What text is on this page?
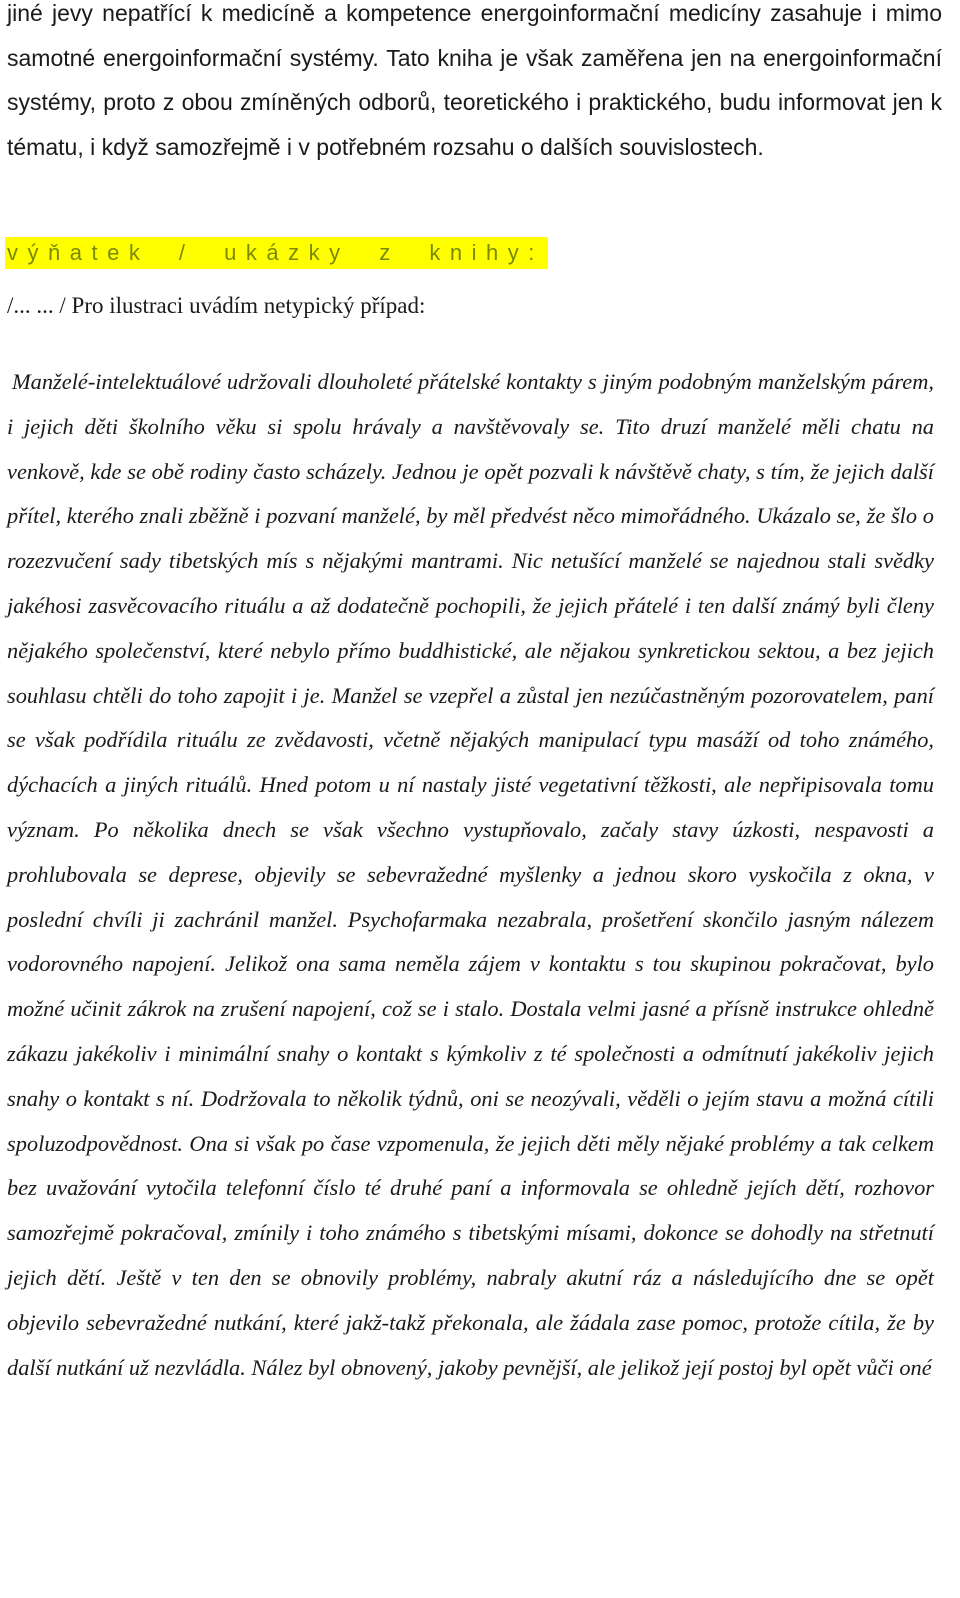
jiné jevy nepatřící k medicíně a kompetence energoinformační medicíny zasahuje i mimo samotné energoinformační systémy. Tato kniha je však zaměřena jen na energoinformační systémy, proto z obou zmíněných odborů, teoretického i praktického, budu informovat jen k tématu, i když samozřejmě i v potřebném rozsahu o dalších souvislostech.

výňatek / ukázky z knihy:
/... ... / Pro ilustraci uvádím netypický případ:

Manželé-intelektuálové udržovali dlouholeté přátelské kontakty s jiným podobným manželským párem, i jejich děti školního věku si spolu hrávaly a navštěvovaly se. Tito druzí manželé měli chatu na venkově, kde se obě rodiny často scházely. Jednou je opět pozvali k návštěvě chaty, s tím, že jejich další přítel, kterého znali zběžně i pozvaní manželé, by měl předvést něco mimořádného. Ukázalo se, že šlo o rozezvučení sady tibetských mís s nějakými mantrami. Nic netušící manželé se najednou stali svědky jakéhosi zasvěcovacího rituálu a až dodatečně pochopili, že jejich přátelé i ten další známý byli členy nějakého společenství, které nebylo přímo buddhistické, ale nějakou synkretickou sektou, a bez jejich souhlasu chtěli do toho zapojit i je. Manžel se vzepřel a zůstal jen nezúčastněným pozorovatelem, paní se však podřídila rituálu ze zvědavosti, včetně nějakých manipulací typu masáží od toho známého, dýchacích a jiných rituálů. Hned potom u ní nastaly jisté vegetativní těžkosti, ale nepřipisovala tomu význam. Po několika dnech se však všechno vystupňovalo, začaly stavy úzkosti, nespavosti a prohlubovala se deprese, objevily se sebevražedné myšlenky a jednou skoro vyskočila z okna, v poslední chvíli ji zachránil manžel. Psychofarmaka nezabrala, prošetření skončilo jasným nálezem vodorovného napojení. Jelikož ona sama neměla zájem v kontaktu s tou skupinou pokračovat, bylo možné učinit zákrok na zrušení napojení, což se i stalo. Dostala velmi jasné a přísně instrukce ohledně zákazu jakékoliv i minimální snahy o kontakt s kýmkoliv z té společnosti a odmítnutí jakékoliv jejich snahy o kontakt s ní. Dodržovala to několik týdnů, oni se neozývali, věděli o jejím stavu a možná cítili spoluzodpovědnost. Ona si však po čase vzpomenula, že jejich děti měly nějaké problémy a tak celkem bez uvažování vytočila telefonní číslo té druhé paní a informovala se ohledně jejích dětí, rozhovor samozřejmě pokračoval, zmínily i toho známého s tibetskými mísami, dokonce se dohodly na střetnutí jejich dětí. Ještě v ten den se obnovily problémy, nabraly akutní ráz a následujícího dne se opět objevilo sebevražedné nutkání, které jakž-takž překonala, ale žádala zase pomoc, protože cítila, že by další nutkání už nezvládla. Nález byl obnovený, jakoby pevnější, ale jelikož její postoj byl opět vůči oné
